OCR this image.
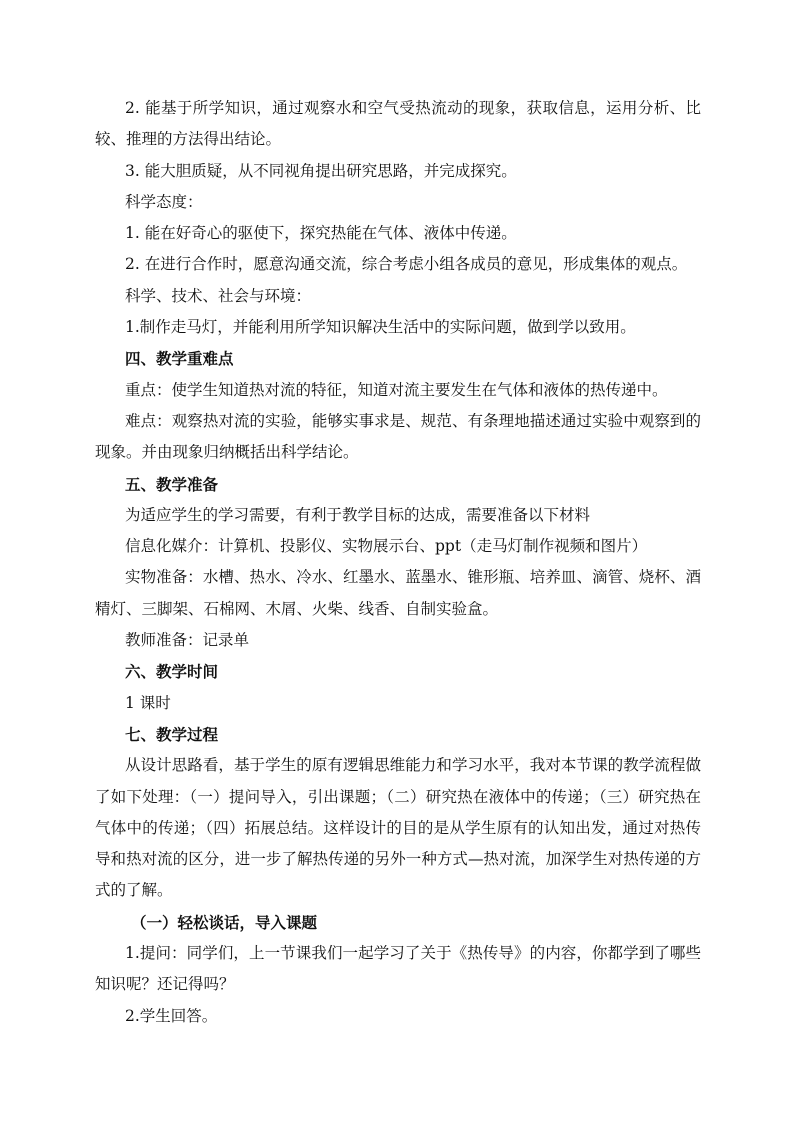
2. 能基于所学知识，通过观察水和空气受热流动的现象，获取信息，运用分析、比较、推理的方法得出结论。

3. 能大胆质疑，从不同视角提出研究思路，并完成探究。

科学态度：

1. 能在好奇心的驱使下，探究热能在气体、液体中传递。

2. 在进行合作时，愿意沟通交流，综合考虑小组各成员的意见，形成集体的观点。

科学、技术、社会与环境：

1.制作走马灯，并能利用所学知识解决生活中的实际问题，做到学以致用。

四、教学重难点

重点：使学生知道热对流的特征，知道对流主要发生在气体和液体的热传递中。

难点：观察热对流的实验，能够实事求是、规范、有条理地描述通过实验中观察到的现象。并由现象归纳概括出科学结论。

五、教学准备

为适应学生的学习需要，有利于教学目标的达成，需要准备以下材料

信息化媒介：计算机、投影仪、实物展示台、ppt（走马灯制作视频和图片）

实物准备：水槽、热水、冷水、红墨水、蓝墨水、锥形瓶、培养皿、滴管、烧杯、酒精灯、三脚架、石棉网、木屑、火柴、线香、自制实验盒。

教师准备：记录单

六、教学时间

1 课时

七、教学过程

从设计思路看，基于学生的原有逻辑思维能力和学习水平，我对本节课的教学流程做了如下处理：（一）提问导入，引出课题；（二）研究热在液体中的传递；（三）研究热在气体中的传递；（四）拓展总结。这样设计的目的是从学生原有的认知出发，通过对热传导和热对流的区分，进一步了解热传递的另外一种方式—热对流，加深学生对热传递的方式的了解。

（一）轻松谈话，导入课题

1.提问：同学们，上一节课我们一起学习了关于《热传导》的内容，你都学到了哪些知识呢？还记得吗？

2.学生回答。
